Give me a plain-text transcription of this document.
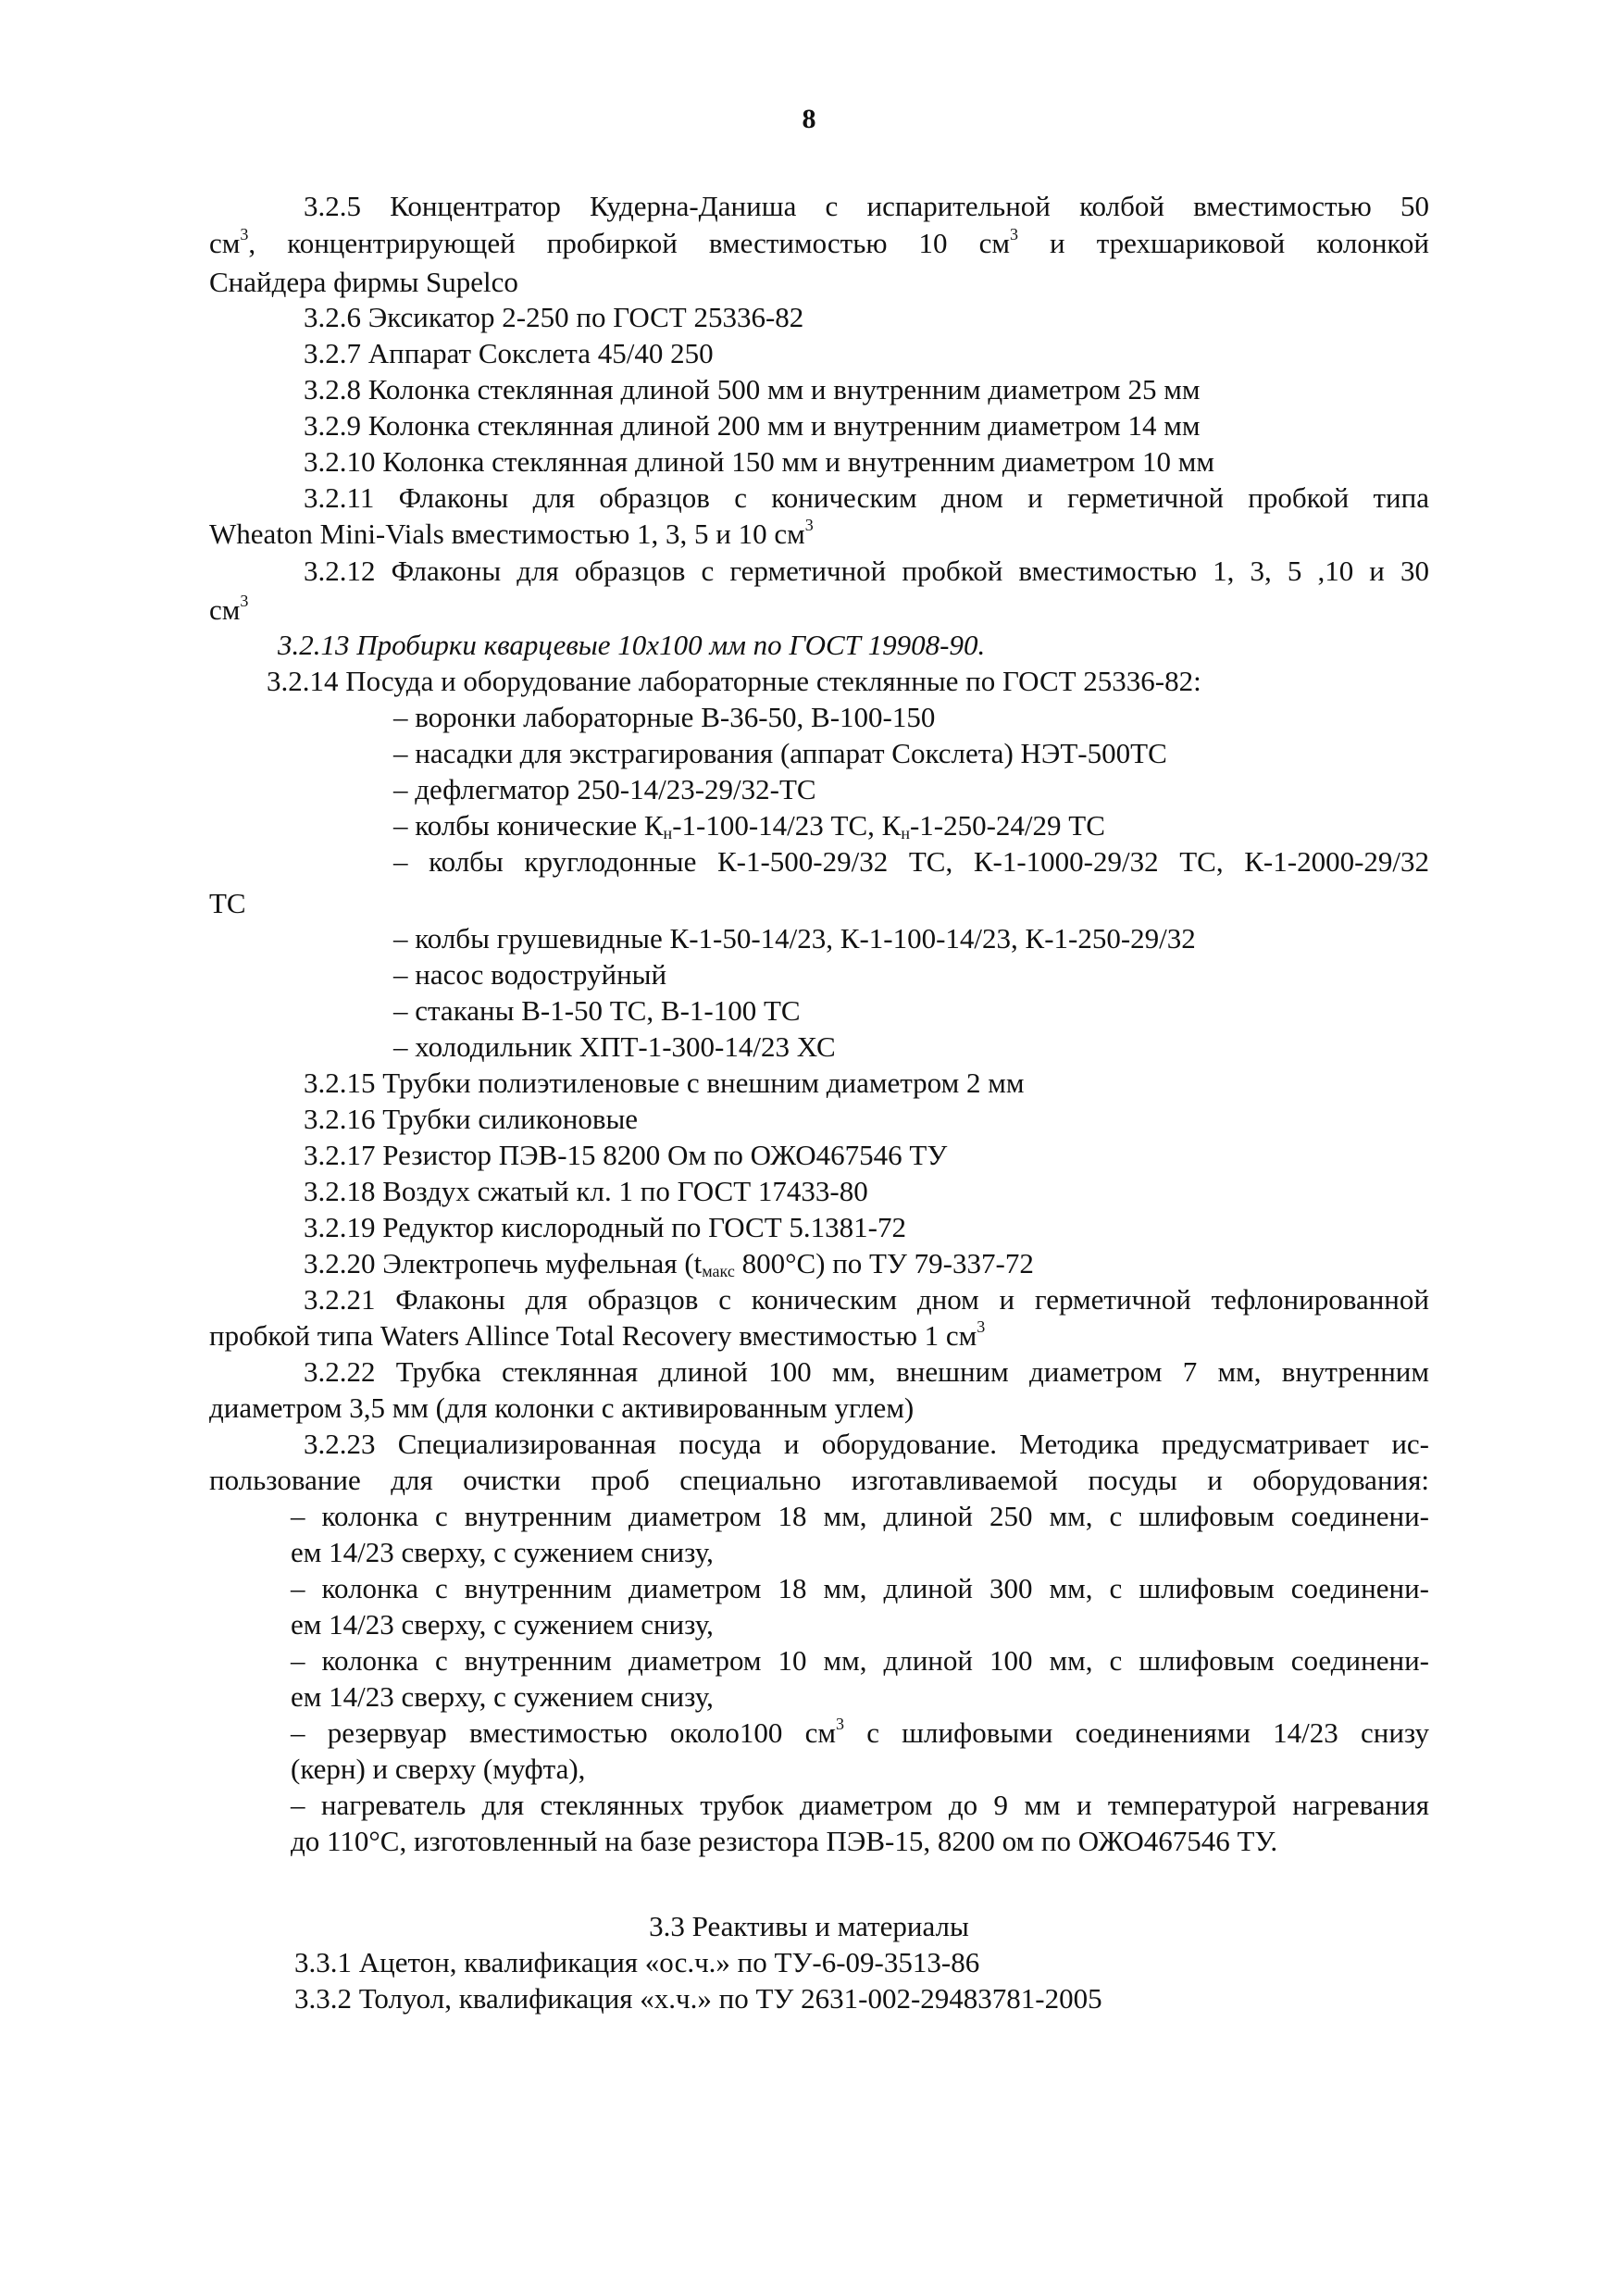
8
3.2.5 Концентратор Кудерна-Даниша с испарительной колбой вместимостью 50
$см^3$, концентрирующей пробиркой вместимостью 10 $см^3$ и трехшариковой колонкой
Снайдера фирмы Supelco
3.2.6 Эксикатор 2-250 по ГОСТ 25336-82
3.2.7 Аппарат Сокслета 45/40 250
3.2.8 Колонка стеклянная длиной 500 мм и внутренним диаметром 25 мм
3.2.9 Колонка стеклянная длиной 200 мм и внутренним диаметром 14 мм
3.2.10 Колонка стеклянная длиной 150 мм и внутренним диаметром 10 мм
3.2.11 Флаконы для образцов с коническим дном и герметичной пробкой типа
Wheaton Mini-Vials вместимостью 1, 3, 5 и 10 $см^3$
3.2.12 Флаконы для образцов с герметичной пробкой вместимостью 1, 3, 5 ,10 и 30
$см^3$
3.2.13 Пробирки кварцевые 10х100 мм по ГОСТ 19908-90.
3.2.14 Посуда и оборудование лабораторные стеклянные по ГОСТ 25336-82:
– воронки лабораторные В-36-50, В-100-150
– насадки для экстрагирования (аппарат Сокслета) НЭТ-500ТС
– дефлегматор 250-14/23-29/32-ТС
– колбы конические $К_н-1-100-14/23$ ТС, $К_н-1-250-24/29$ ТС
– колбы круглодонные К-1-500-29/32 ТС, К-1-1000-29/32 ТС, К-1-2000-29/32
ТС
– колбы грушевидные К-1-50-14/23, К-1-100-14/23, К-1-250-29/32
– насос водоструйный
– стаканы В-1-50 ТС, В-1-100 ТС
– холодильник ХПТ-1-300-14/23 ХС
3.2.15 Трубки полиэтиленовые с внешним диаметром 2 мм
3.2.16 Трубки силиконовые
3.2.17 Резистор ПЭВ-15 8200 Ом по ОЖО467546 ТУ
3.2.18 Воздух сжатый кл. 1 по ГОСТ 17433-80
3.2.19 Редуктор кислородный по ГОСТ 5.1381-72
3.2.20 Электропечь муфельная ($t_{макс}$ 800°С) по ТУ 79-337-72
3.2.21 Флаконы для образцов с коническим дном и герметичной тефлонированной
пробкой типа Waters Allince Total Recovery вместимостью 1 $см^3$
3.2.22 Трубка стеклянная длиной 100 мм, внешним диаметром 7 мм, внутренним
диаметром 3,5 мм (для колонки с активированным углем)
3.2.23 Специализированная посуда и оборудование. Методика предусматривает ис-
пользование для очистки проб специально изготавливаемой посуды и оборудования:
– колонка с внутренним диаметром 18 мм, длиной 250 мм, с шлифовым соединени-
ем 14/23 сверху, с сужением снизу,
– колонка с внутренним диаметром 18 мм, длиной 300 мм, с шлифовым соединени-
ем 14/23 сверху, с сужением снизу,
– колонка с внутренним диаметром 10 мм, длиной 100 мм, с шлифовым соединени-
ем 14/23 сверху, с сужением снизу,
– резервуар вместимостью около100 $см^3$ с шлифовыми соединениями 14/23 снизу
(керн) и сверху (муфта),
– нагреватель для стеклянных трубок диаметром до 9 мм и температурой нагревания
до 110°С, изготовленный на базе резистора ПЭВ-15, 8200 ом по ОЖО467546 ТУ.
3.3 Реактивы и материалы
3.3.1 Ацетон, квалификация «ос.ч.» по ТУ-6-09-3513-86
3.3.2 Толуол, квалификация «х.ч.» по ТУ 2631-002-29483781-2005
